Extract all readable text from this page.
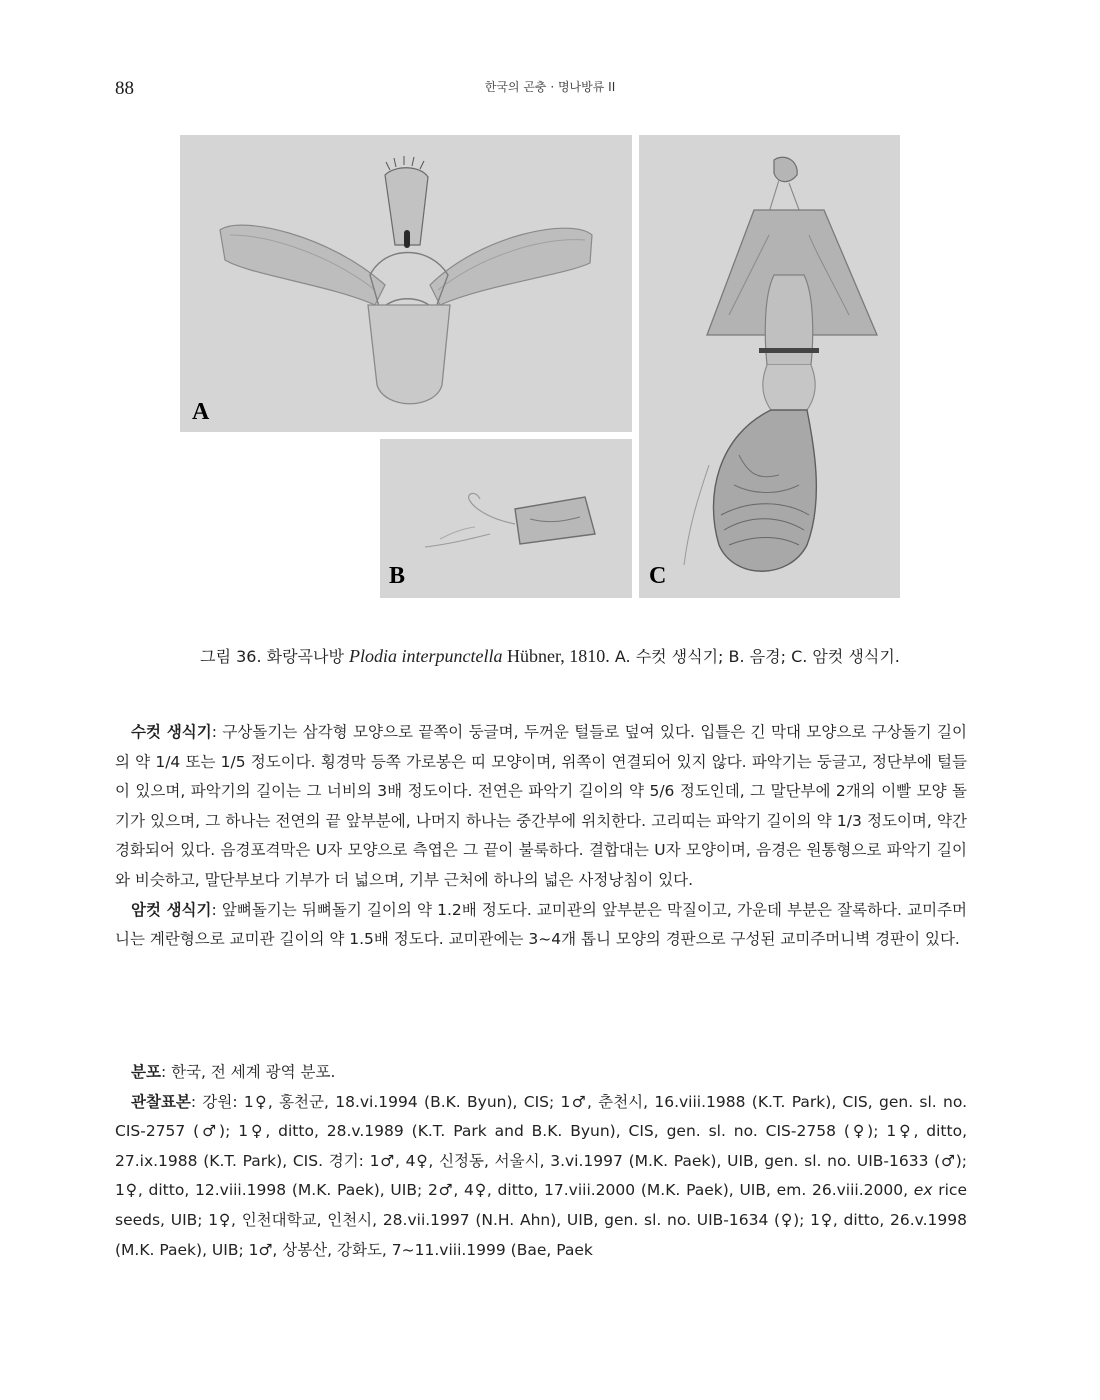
88	한국의 곤충 · 명나방류 II
A
B	C
그림 36. 화랑곡나방 Plodia interpunctella Hübner, 1810. A. 수컷 생식기; B. 음경; C. 암컷 생식기.

수컷 생식기: 구상돌기는 삼각형 모양으로 끝쪽이 둥글며, 두꺼운 털들로 덮여 있다. 입틀은 긴 막대 모양으로 구상돌기 길이의 약 1/4 또는 1/5 정도이다. 횡경막 등쪽 가로봉은 띠 모양이며, 위쪽이 연결되어 있지 않다. 파악기는 둥글고, 정단부에 털들이 있으며, 파악기의 길이는 그 너비의 3배 정도이다. 전연은 파악기 길이의 약 5/6 정도인데, 그 말단부에 2개의 이빨 모양 돌기가 있으며, 그 하나는 전연의 끝 앞부분에, 나머지 하나는 중간부에 위치한다. 고리띠는 파악기 길이의 약 1/3 정도이며, 약간 경화되어 있다. 음경포격막은 U자 모양으로 측엽은 그 끝이 불룩하다. 결합대는 U자 모양이며, 음경은 원통형으로 파악기 길이와 비슷하고, 말단부보다 기부가 더 넓으며, 기부 근처에 하나의 넓은 사정낭침이 있다.

암컷 생식기: 앞뼈돌기는 뒤뼈돌기 길이의 약 1.2배 정도다. 교미관의 앞부분은 막질이고, 가운데 부분은 잘록하다. 교미주머니는 계란형으로 교미관 길이의 약 1.5배 정도다. 교미관에는 3~4개 톱니 모양의 경판으로 구성된 교미주머니벽 경판이 있다.

분포: 한국, 전 세계 광역 분포.

관찰표본: 강원: 1♀, 홍천군, 18.vi.1994 (B.K. Byun), CIS; 1♂, 춘천시, 16.viii.1988 (K.T. Park), CIS, gen. sl. no. CIS-2757 (♂); 1♀, ditto, 28.v.1989 (K.T. Park and B.K. Byun), CIS, gen. sl. no. CIS-2758 (♀); 1♀, ditto, 27.ix.1988 (K.T. Park), CIS. 경기: 1♂, 4♀, 신정동, 서울시, 3.vi.1997 (M.K. Paek), UIB, gen. sl. no. UIB-1633 (♂); 1♀, ditto, 12.viii.1998 (M.K. Paek), UIB; 2♂, 4♀, ditto, 17.viii.2000 (M.K. Paek), UIB, em. 26.viii.2000, ex rice seeds, UIB; 1♀, 인천대학교, 인천시, 28.vii.1997 (N.H. Ahn), UIB, gen. sl. no. UIB-1634 (♀); 1♀, ditto, 26.v.1998 (M.K. Paek), UIB; 1♂, 상봉산, 강화도, 7~11.viii.1999 (Bae, Paek
